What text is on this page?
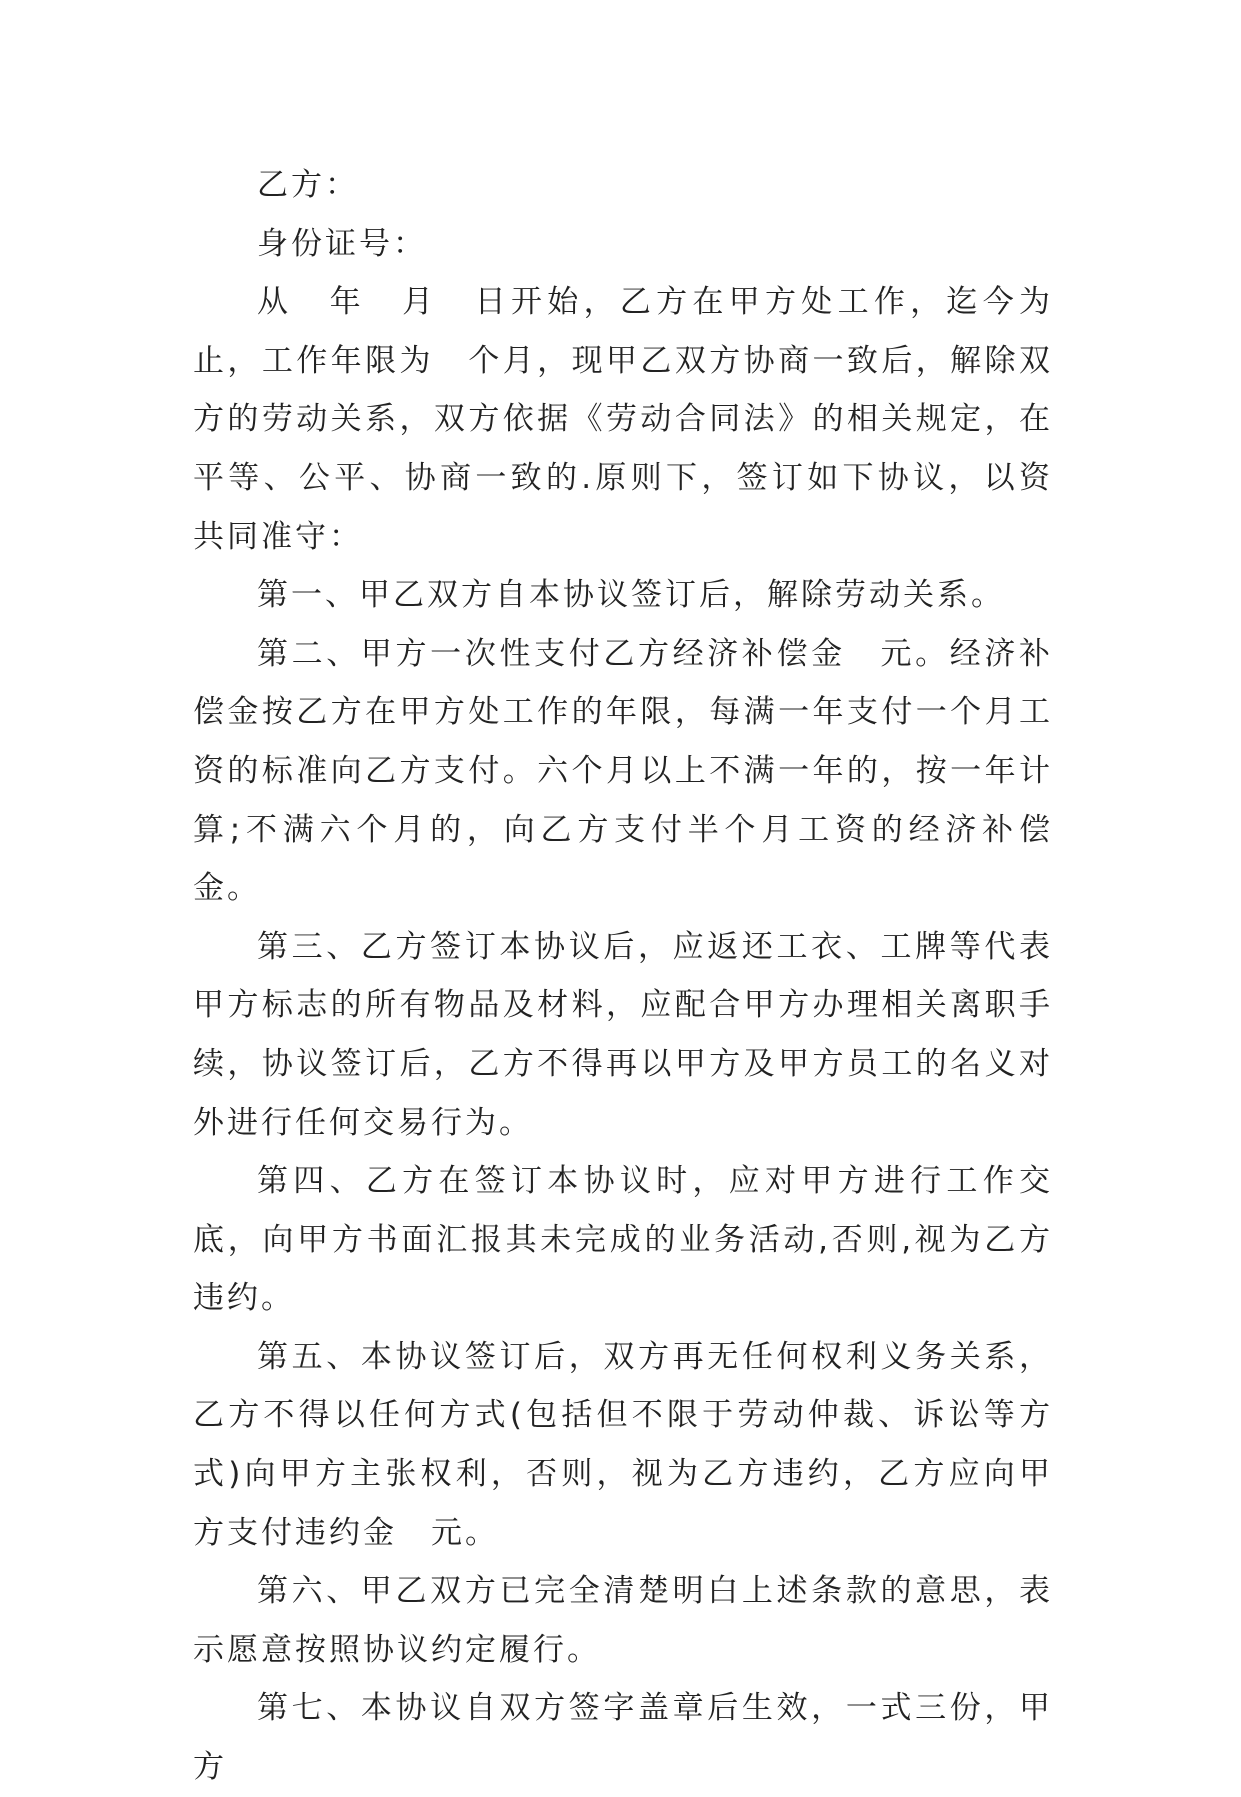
乙方：

身份证号：

从　年　月　日开始，乙方在甲方处工作，迄今为止，工作年限为　个月，现甲乙双方协商一致后，解除双方的劳动关系，双方依据《劳动合同法》的相关规定，在平等、公平、协商一致的.原则下，签订如下协议，以资共同准守：

第一、甲乙双方自本协议签订后，解除劳动关系。

第二、甲方一次性支付乙方经济补偿金　元。经济补偿金按乙方在甲方处工作的年限，每满一年支付一个月工资的标准向乙方支付。六个月以上不满一年的，按一年计算;不满六个月的，向乙方支付半个月工资的经济补偿金。

第三、乙方签订本协议后，应返还工衣、工牌等代表甲方标志的所有物品及材料，应配合甲方办理相关离职手续，协议签订后，乙方不得再以甲方及甲方员工的名义对外进行任何交易行为。

第四、乙方在签订本协议时，应对甲方进行工作交底，向甲方书面汇报其未完成的业务活动,否则,视为乙方违约。

第五、本协议签订后，双方再无任何权利义务关系，乙方不得以任何方式(包括但不限于劳动仲裁、诉讼等方式)向甲方主张权利，否则，视为乙方违约，乙方应向甲方支付违约金　元。

第六、甲乙双方已完全清楚明白上述条款的意思，表示愿意按照协议约定履行。

第七、本协议自双方签字盖章后生效，一式三份，甲方
